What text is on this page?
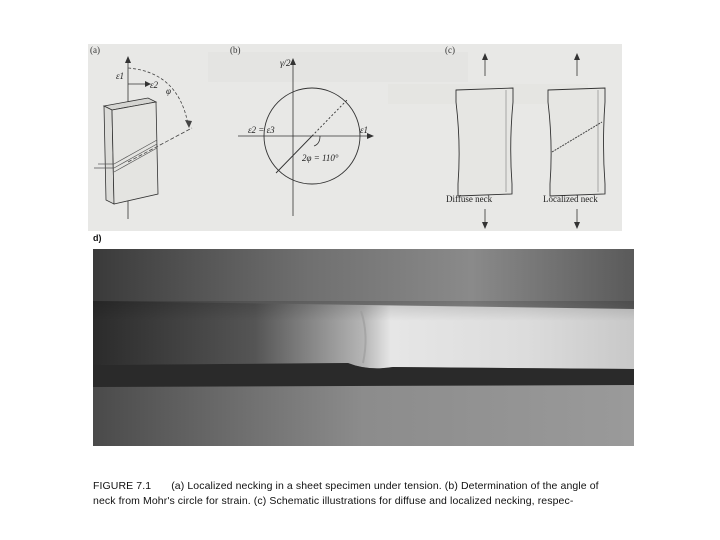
(a)
ε1
ε2
φ
(b)
γ/2
ε2 = ε3	ε1
2φ = 110°
(c)
Diffuse neck	Localized neck
d)
FIGURE 7.1 (a) Localized necking in a sheet specimen under tension. (b) Determination of the angle of
neck from Mohr's circle for strain. (c) Schematic illustrations for diffuse and localized necking, respec-
